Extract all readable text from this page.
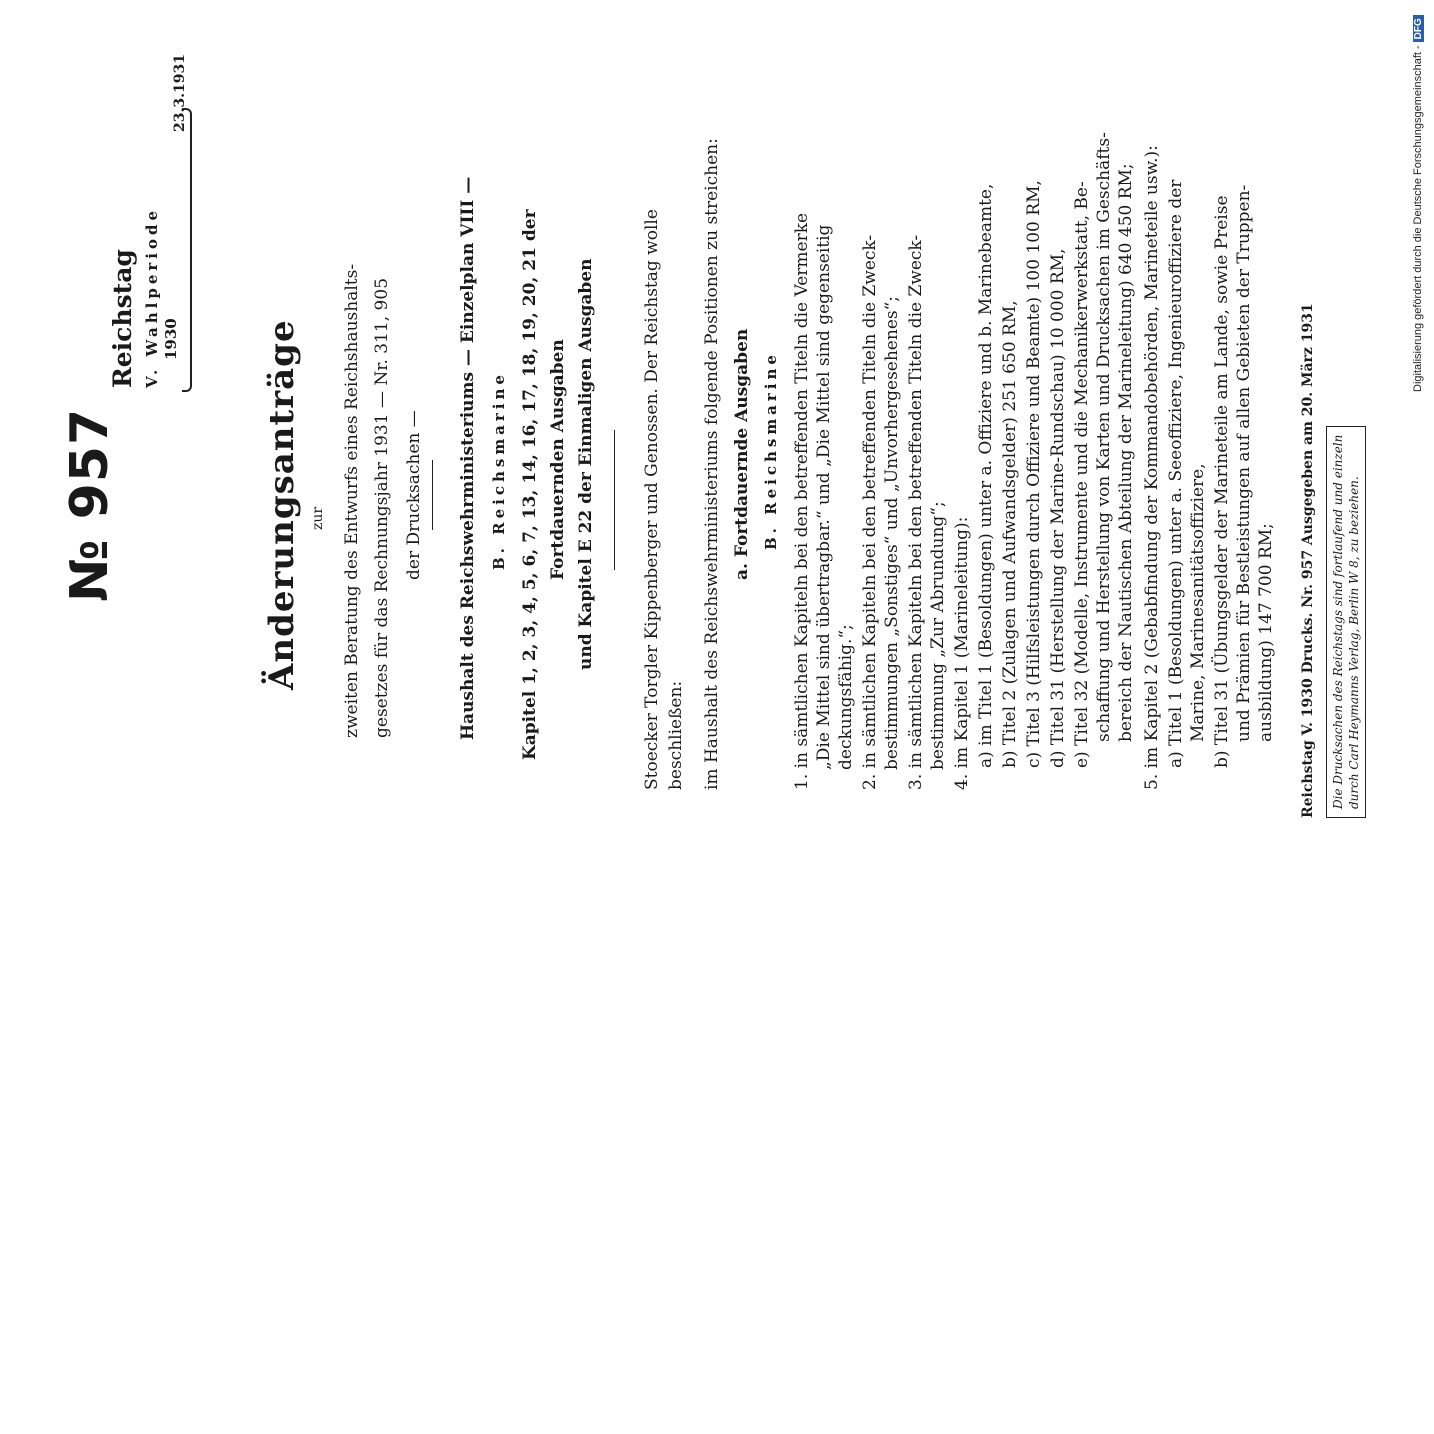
№ 957
Reichstag V. Wahlperiode 1930
23.3.1931
Änderungsanträge zur zweiten Beratung des Entwurfs eines Reichshaushalts- gesetzes für das Rechnungsjahr 1931 — Nr. 311, 905 der Drucksachen — Haushalt des Reichswehrministeriums — Einzelplan VIII — B. Reichsmarine Kapitel 1, 2, 3, 4, 5, 6, 7, 13, 14, 16, 17, 18, 19, 20, 21 der Fortdauernden Ausgaben und Kapitel E 22 der Einmaligen Ausgaben	Stoecker Torgler Kippenberger und Genossen. Der Reichstag wolle beschließen: im Haushalt des Reichswehrministeriums folgende Positionen zu streichen: a. Fortdauernde Ausgaben B. Reichsmarine 1. in sämtlichen Kapiteln bei den betreffenden Titeln die Vermerke „Die Mittel sind übertragbar.“ und „Die Mittel sind gegenseitig deckungsfähig.“; 2. in sämtlichen Kapiteln bei den betreffenden Titeln die Zweck- bestimmungen „Sonstiges“ und „Unvorhergesehenes“; 3. in sämtlichen Kapiteln bei den betreffenden Titeln die Zweck- bestimmung „Zur Abrundung“; 4. im Kapitel 1 (Marineleitung): a) im Titel 1 (Besoldungen) unter a. Offiziere und b. Marinebeamte, b) Titel 2 (Zulagen und Aufwandsgelder) 251 650 RM, c) Titel 3 (Hilfsleistungen durch Offiziere und Beamte) 100 100 RM, d) Titel 31 (Herstellung der Marine-Rundschau) 10 000 RM, e) Titel 32 (Modelle, Instrumente und die Mechanikerwerkstatt, Be- schaffung und Herstellung von Karten und Drucksachen im Geschäfts- bereich der Nautischen Abteilung der Marineleitung) 640 450 RM; 5. im Kapitel 2 (Gebabfindung der Kommandobehörden, Marineteile usw.): a) Titel 1 (Besoldungen) unter a. Seeoffiziere, Ingenieuroffiziere der Marine, Marinesanitätsoffiziere, b) Titel 31 (Übungsgelder der Marineteile am Lande, sowie Preise und Prämien für Bestleistungen auf allen Gebieten der Truppen- ausbildung) 147 700 RM; Reichstag V. 1930 Drucks. Nr. 957 Ausgegeben am 20. März 1931 Die Drucksachen des Reichstags sind fortlaufend und einzeln durch Carl Heymanns Verlag, Berlin W 8, zu beziehen.
Digitalisierung gefördert durch die Deutsche Forschungsgemeinschaft -DFG
